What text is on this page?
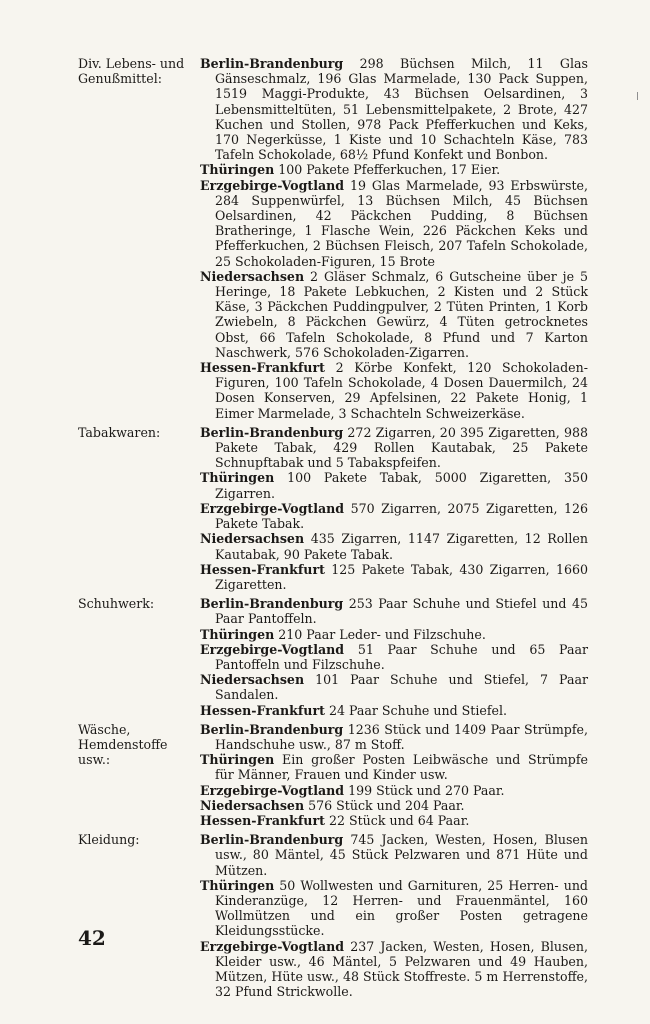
Div. Lebens- und
Genußmittel:

Berlin-Brandenburg 298 Büchsen Milch, 11 Glas Gänseschmalz, 196 Glas Marmelade, 130 Pack Suppen, 1519 Maggi-Produkte, 43 Büchsen Oelsardinen, 3 Lebensmitteltüten, 51 Lebensmittelpakete, 2 Brote, 427 Kuchen und Stollen, 978 Pack Pfefferkuchen und Keks, 170 Negerküsse, 1 Kiste und 10 Schachteln Käse, 783 Tafeln Schokolade, 68½ Pfund Konfekt und Bonbon.

Thüringen 100 Pakete Pfefferkuchen, 17 Eier.

Erzgebirge-Vogtland 19 Glas Marmelade, 93 Erbswürste, 284 Suppenwürfel, 13 Büchsen Milch, 45 Büchsen Oelsardinen, 42 Päckchen Pudding, 8 Büchsen Bratheringe, 1 Flasche Wein, 226 Päckchen Keks und Pfefferkuchen, 2 Büchsen Fleisch, 207 Tafeln Schokolade, 25 Schokoladen-Figuren, 15 Brote

Niedersachsen 2 Gläser Schmalz, 6 Gutscheine über je 5 Heringe, 18 Pakete Lebkuchen, 2 Kisten und 2 Stück Käse, 3 Päckchen Puddingpulver, 2 Tüten Printen, 1 Korb Zwiebeln, 8 Päckchen Gewürz, 4 Tüten getrocknetes Obst, 66 Tafeln Schokolade, 8 Pfund und 7 Karton Naschwerk, 576 Schokoladen-Zigarren.

Hessen-Frankfurt 2 Körbe Konfekt, 120 Schokoladen-Figuren, 100 Tafeln Schokolade, 4 Dosen Dauermilch, 24 Dosen Konserven, 29 Apfelsinen, 22 Pakete Honig, 1 Eimer Marmelade, 3 Schachteln Schweizerkäse.

Tabakwaren:	Berlin-Brandenburg 272 Zigarren, 20 395 Zigaretten, 988 Pakete Tabak, 429 Rollen Kautabak, 25 Pakete Schnupftabak und 5 Tabakspfeifen.

Thüringen 100 Pakete Tabak, 5000 Zigaretten, 350 Zigarren.

Erzgebirge-Vogtland 570 Zigarren, 2075 Zigaretten, 126 Pakete Tabak.

Niedersachsen 435 Zigarren, 1147 Zigaretten, 12 Rollen Kautabak, 90 Pakete Tabak.

Hessen-Frankfurt 125 Pakete Tabak, 430 Zigarren, 1660 Zigaretten.

Schuhwerk:	Berlin-Brandenburg 253 Paar Schuhe und Stiefel und 45 Paar Pantoffeln.

Thüringen 210 Paar Leder- und Filzschuhe.

Erzgebirge-Vogtland 51 Paar Schuhe und 65 Paar Pantoffeln und Filzschuhe.

Niedersachsen 101 Paar Schuhe und Stiefel, 7 Paar Sandalen.

Hessen-Frankfurt 24 Paar Schuhe und Stiefel.

Wäsche, Hemdenstoffe usw.:

Berlin-Brandenburg 1236 Stück und 1409 Paar Strümpfe, Handschuhe usw., 87 m Stoff.

Thüringen Ein großer Posten Leibwäsche und Strümpfe für Männer, Frauen und Kinder usw.

Erzgebirge-Vogtland 199 Stück und 270 Paar.

Niedersachsen 576 Stück und 204 Paar.

Hessen-Frankfurt 22 Stück und 64 Paar.

Kleidung:	Berlin-Brandenburg 745 Jacken, Westen, Hosen, Blusen usw., 80 Mäntel, 45 Stück Pelzwaren und 871 Hüte und Mützen.

Thüringen 50 Wollwesten und Garnituren, 25 Herren- und Kinderanzüge, 12 Herren- und Frauenmäntel, 160 Wollmützen und ein großer Posten getragene Kleidungsstücke.

Erzgebirge-Vogtland 237 Jacken, Westen, Hosen, Blusen, Kleider usw., 46 Mäntel, 5 Pelzwaren und 49 Hauben, Mützen, Hüte usw., 48 Stück Stoffreste. 5 m Herrenstoffe, 32 Pfund Strickwolle.

42
